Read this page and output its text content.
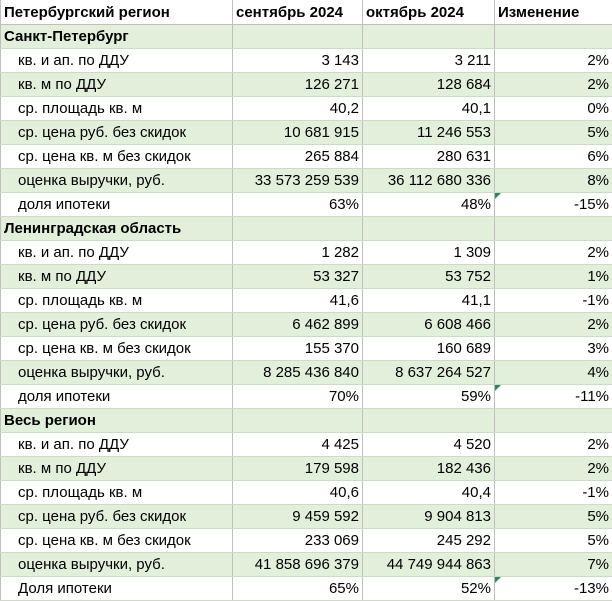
Петербургский регион	сентябрь 2024	октябрь 2024	Изменение
Санкт-Петербург			
кв. и ап. по ДДУ	3 143	3 211	2%
кв. м по ДДУ	126 271	128 684	2%
ср. площадь кв. м	40,2	40,1	0%
ср. цена руб. без скидок	10 681 915	11 246 553	5%
ср. цена кв. м без скидок	265 884	280 631	6%
оценка выручки, руб.	33 573 259 539	36 112 680 336	8%
доля ипотеки	63%	48%	-15%
Ленинградская область			
кв. и ап. по ДДУ	1 282	1 309	2%
кв. м по ДДУ	53 327	53 752	1%
ср. площадь кв. м	41,6	41,1	-1%
ср. цена руб. без скидок	6 462 899	6 608 466	2%
ср. цена кв. м без скидок	155 370	160 689	3%
оценка выручки, руб.	8 285 436 840	8 637 264 527	4%
доля ипотеки	70%	59%	-11%
Весь регион			
кв. и ап. по ДДУ	4 425	4 520	2%
кв. м по ДДУ	179 598	182 436	2%
ср. площадь кв. м	40,6	40,4	-1%
ср. цена руб. без скидок	9 459 592	9 904 813	5%
ср. цена кв. м без скидок	233 069	245 292	5%
оценка выручки, руб.	41 858 696 379	44 749 944 863	7%
Доля ипотеки	65%	52%	-13%
